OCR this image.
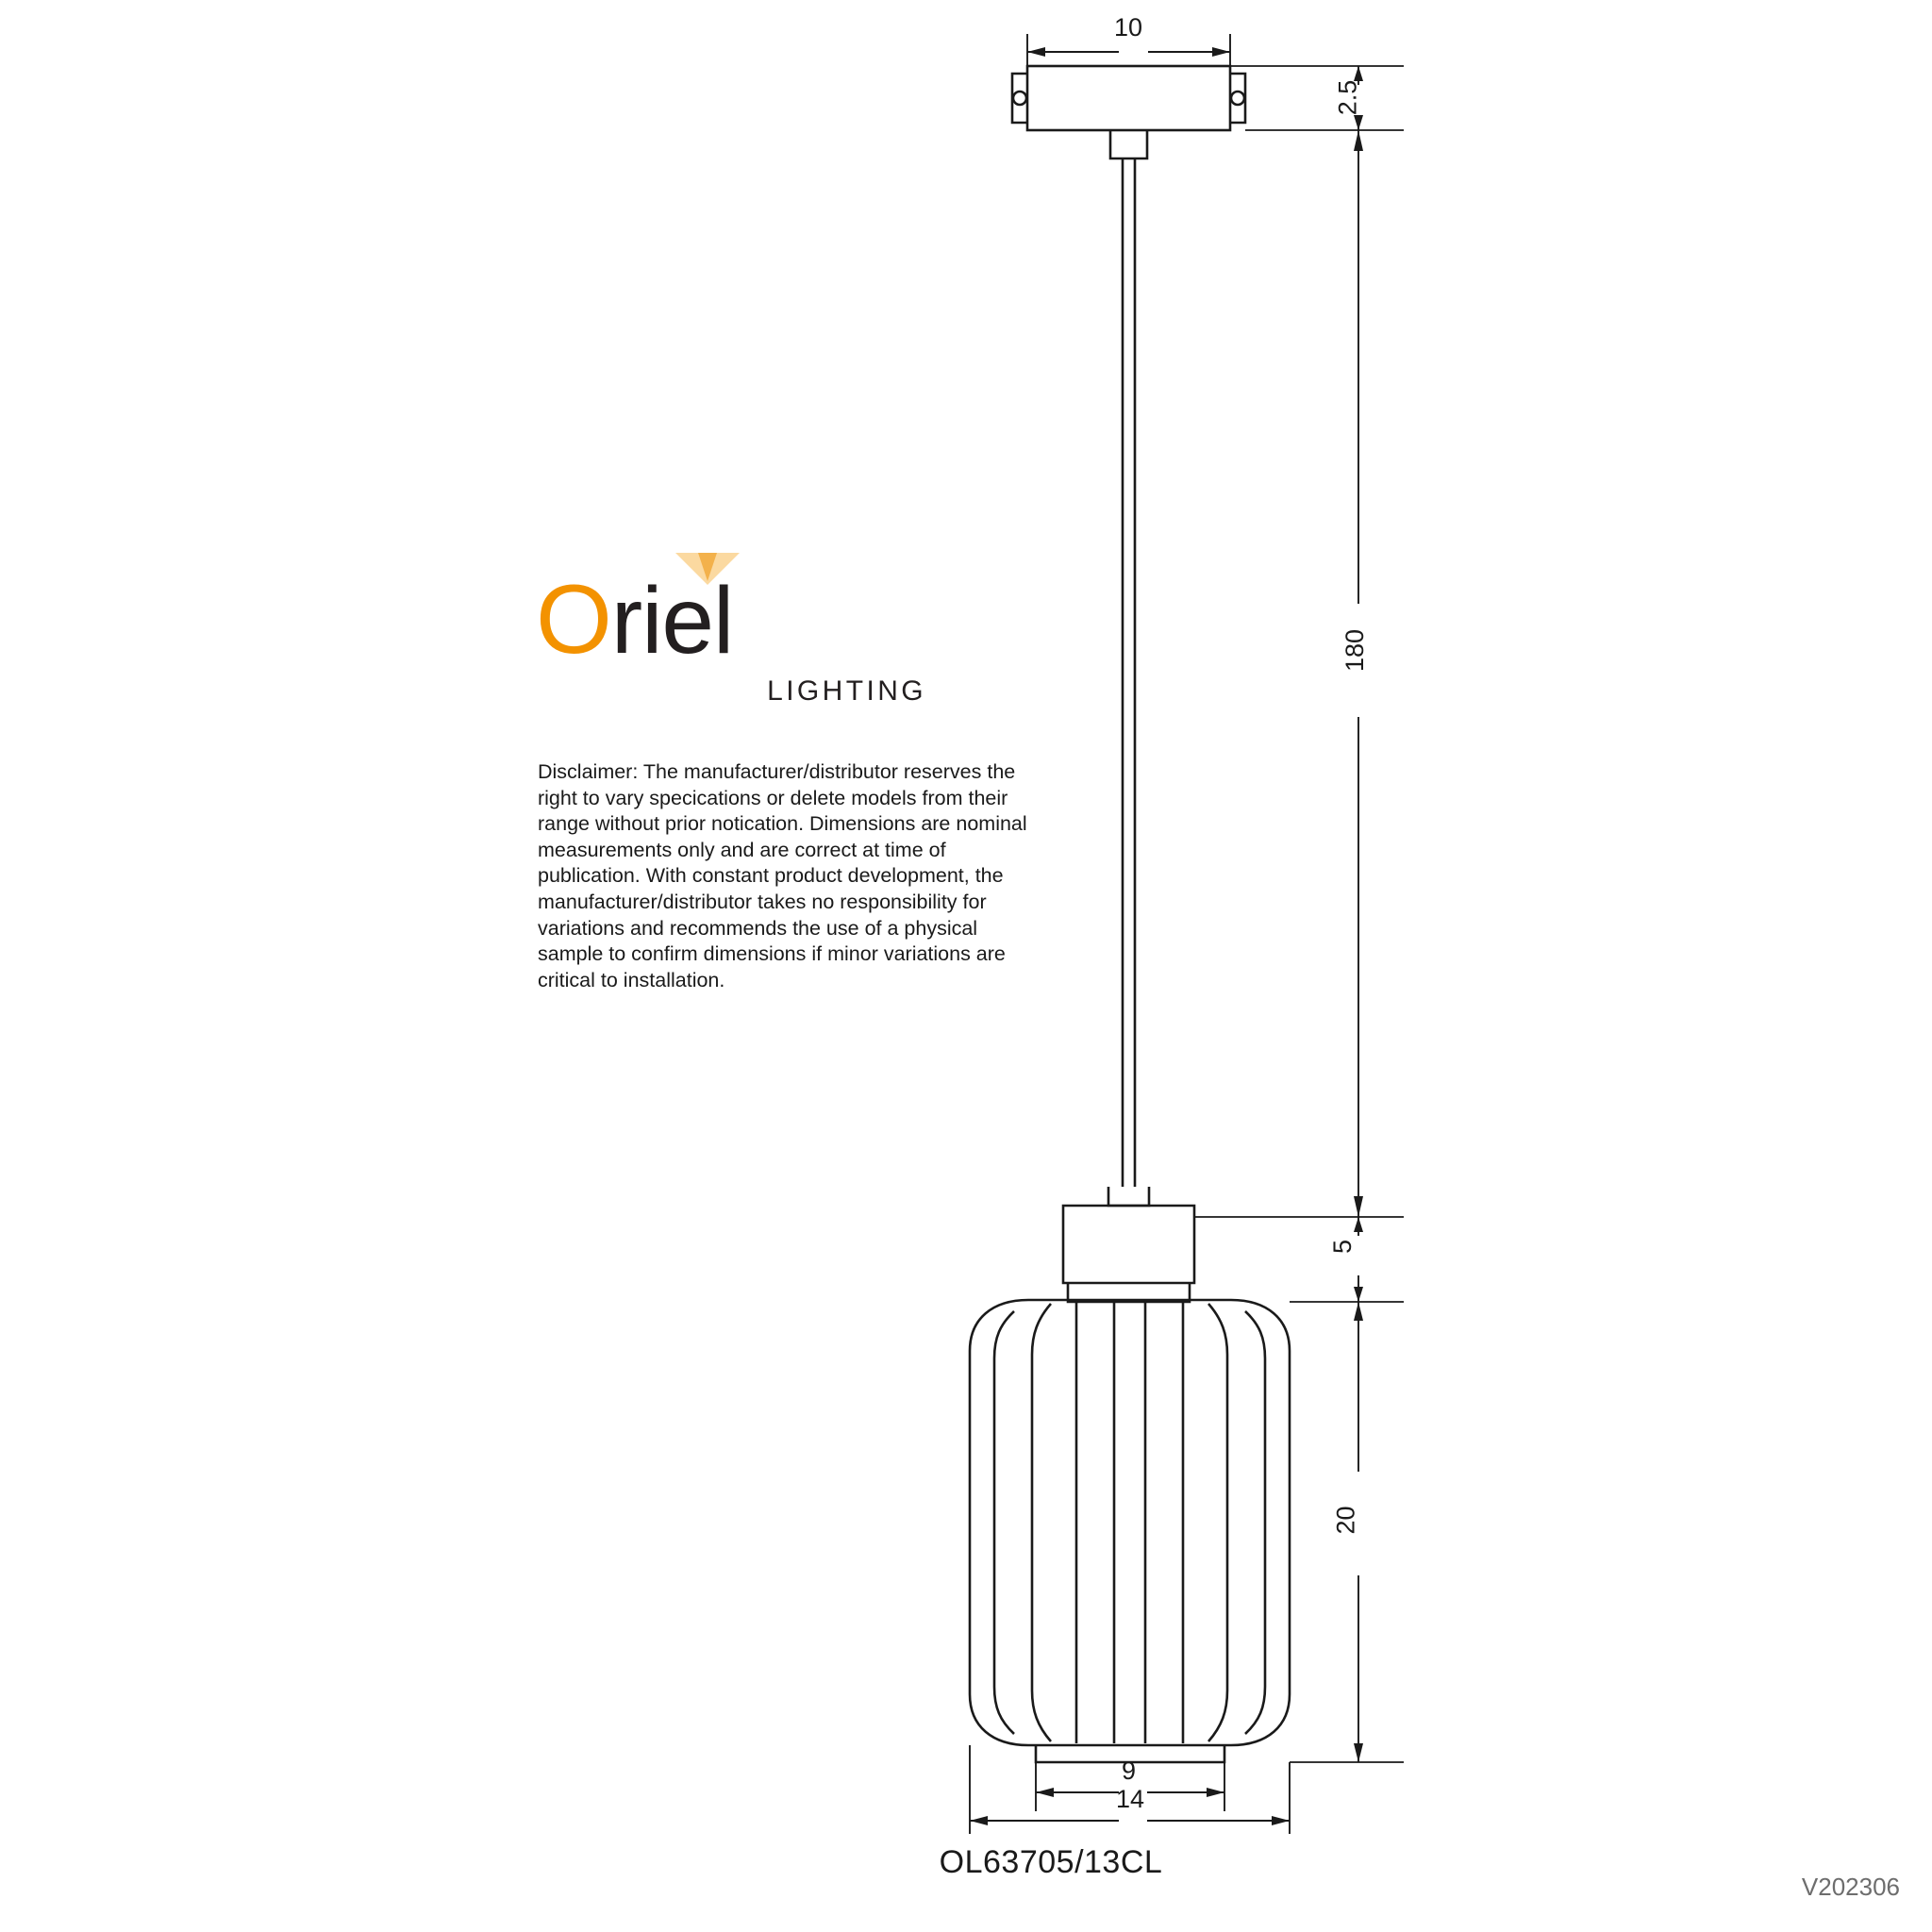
Oriel
LIGHTING
Disclaimer: The manufacturer/distributor reserves the right to vary specications or delete models from their range without prior notication. Dimensions are nominal measurements only and are correct at time of publication. With constant product development, the manufacturer/distributor takes no responsibility for variations and recommends the use of a physical sample to confirm dimensions if minor variations are critical to installation.
10
2.5
180
5
20
9
14
OL63705/13CL
V202306
